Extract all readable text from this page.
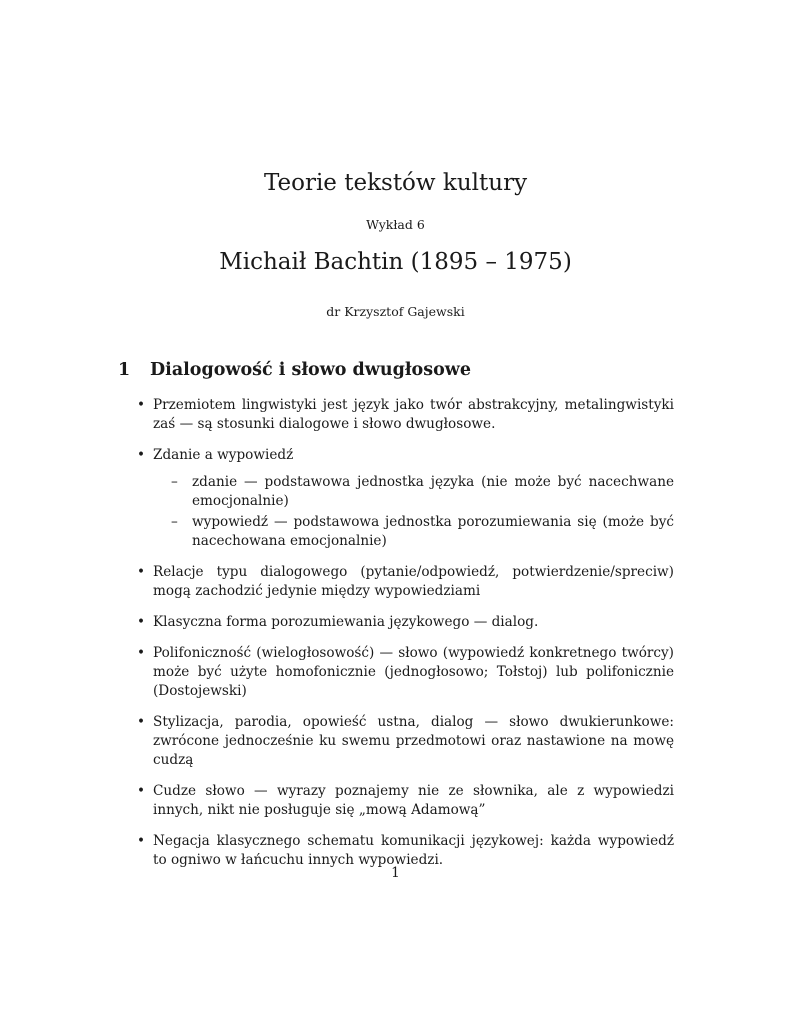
Teorie tekstów kultury
Wykład 6
Michaił Bachtin (1895 – 1975)
dr Krzysztof Gajewski
1 Dialogowość i słowo dwugłosowe
• Przemiotem lingwistyki jest język jako twór abstrakcyjny, metalingwistyki zaś — są stosunki dialogowe i słowo dwugłosowe.
• Zdanie a wypowiedź
– zdanie — podstawowa jednostka języka (nie może być nacechwane emocjonalnie)
– wypowiedź — podstawowa jednostka porozumiewania się (może być nacechowana emocjonalnie)
• Relacje typu dialogowego (pytanie/odpowiedź, potwierdzenie/spreciw) mogą zachodzić jedynie między wypowiedziami
• Klasyczna forma porozumiewania językowego — dialog.
• Polifoniczność (wielogłosowość) — słowo (wypowiedź konkretnego twórcy) może być użyte homofonicznie (jednogłosowo; Tołstoj) lub polifonicznie (Dostojewski)
• Stylizacja, parodia, opowieść ustna, dialog — słowo dwukierunkowe: zwrócone jednocześnie ku swemu przedmotowi oraz nastawione na mowę cudzą
• Cudze słowo — wyrazy poznajemy nie ze słownika, ale z wypowiedzi innych, nikt nie posługuje się „mową Adamową”
• Negacja klasycznego schematu komunikacji językowej: każda wypowiedź to ogniwo w łańcuchu innych wypowiedzi.
1
